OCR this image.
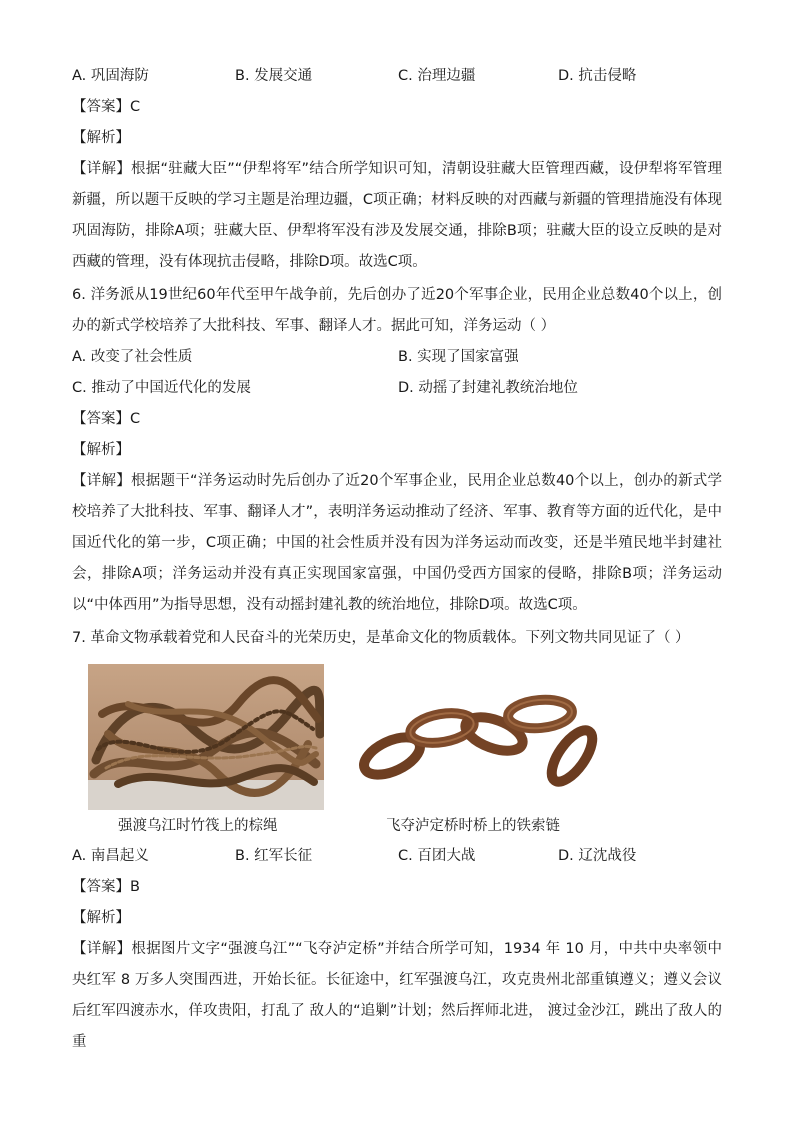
A. 巩固海防	B. 发展交通	C. 治理边疆	D. 抗击侵略
【答案】C
【解析】
【详解】根据“驻藏大臣”“伊犁将军”结合所学知识可知，清朝设驻藏大臣管理西藏，设伊犁将军管理新疆，所以题干反映的学习主题是治理边疆，C项正确；材料反映的对西藏与新疆的管理措施没有体现巩固海防，排除A项；驻藏大臣、伊犁将军没有涉及发展交通，排除B项；驻藏大臣的设立反映的是对西藏的管理，没有体现抗击侵略，排除D项。故选C项。
6. 洋务派从19世纪60年代至甲午战争前，先后创办了近20个军事企业，民用企业总数40个以上，创办的新式学校培养了大批科技、军事、翻译人才。据此可知，洋务运动（ ）
A. 改变了社会性质	B. 实现了国家富强
C. 推动了中国近代化的发展	D. 动摇了封建礼教统治地位
【答案】C
【解析】
【详解】根据题干“洋务运动时先后创办了近20个军事企业，民用企业总数40个以上，创办的新式学校培养了大批科技、军事、翻译人才”，表明洋务运动推动了经济、军事、教育等方面的近代化，是中国近代化的第一步，C项正确；中国的社会性质并没有因为洋务运动而改变，还是半殖民地半封建社会，排除A项；洋务运动并没有真正实现国家富强，中国仍受西方国家的侵略，排除B项；洋务运动以“中体西用”为指导思想，没有动摇封建礼教的统治地位，排除D项。故选C项。
7. 革命文物承载着党和人民奋斗的光荣历史，是革命文化的物质载体。下列文物共同见证了（ ）
强渡乌江时竹筏上的棕绳	飞夺泸定桥时桥上的铁索链
A. 南昌起义	B. 红军长征	C. 百团大战	D. 辽沈战役
【答案】B
【解析】
【详解】根据图片文字“强渡乌江”“飞夺泸定桥”并结合所学可知，1934 年 10 月，中共中央率领中央红军 8 万多人突围西进，开始长征。长征途中，红军强渡乌江，攻克贵州北部重镇遵义；遵义会议后红军四渡赤水，佯攻贵阳，打乱了 敌人的“追剿”计划；然后挥师北进， 渡过金沙江，跳出了敌人的重
